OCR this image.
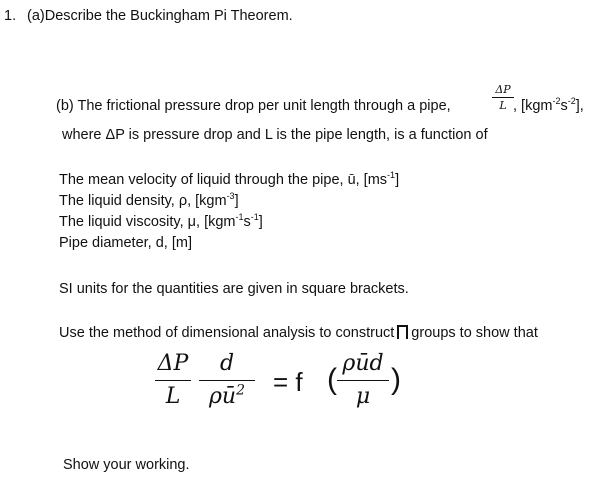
1. (a)Describe the Buckingham Pi Theorem.
(b) The frictional pressure drop per unit length through a pipe,
ΔP
L , $[kgm^{-2}s^{-2}]$,
where ΔP is pressure drop and L is the pipe length, is a function of
The mean velocity of liquid through the pipe, ū, $[ms^{-1}]$
The liquid density, ρ, [kgm$^{-3}$]
The liquid viscosity, μ, $[kgm^{-1}s^{-1}]$
Pipe diameter, d, [m]
SI units for the quantities are given in square brackets.
Use the method of dimensional analysis to construct groups to show that
ΔP
L
d
$\rho ū^2$	= f ( ρūd
μ
)
Show your working.
